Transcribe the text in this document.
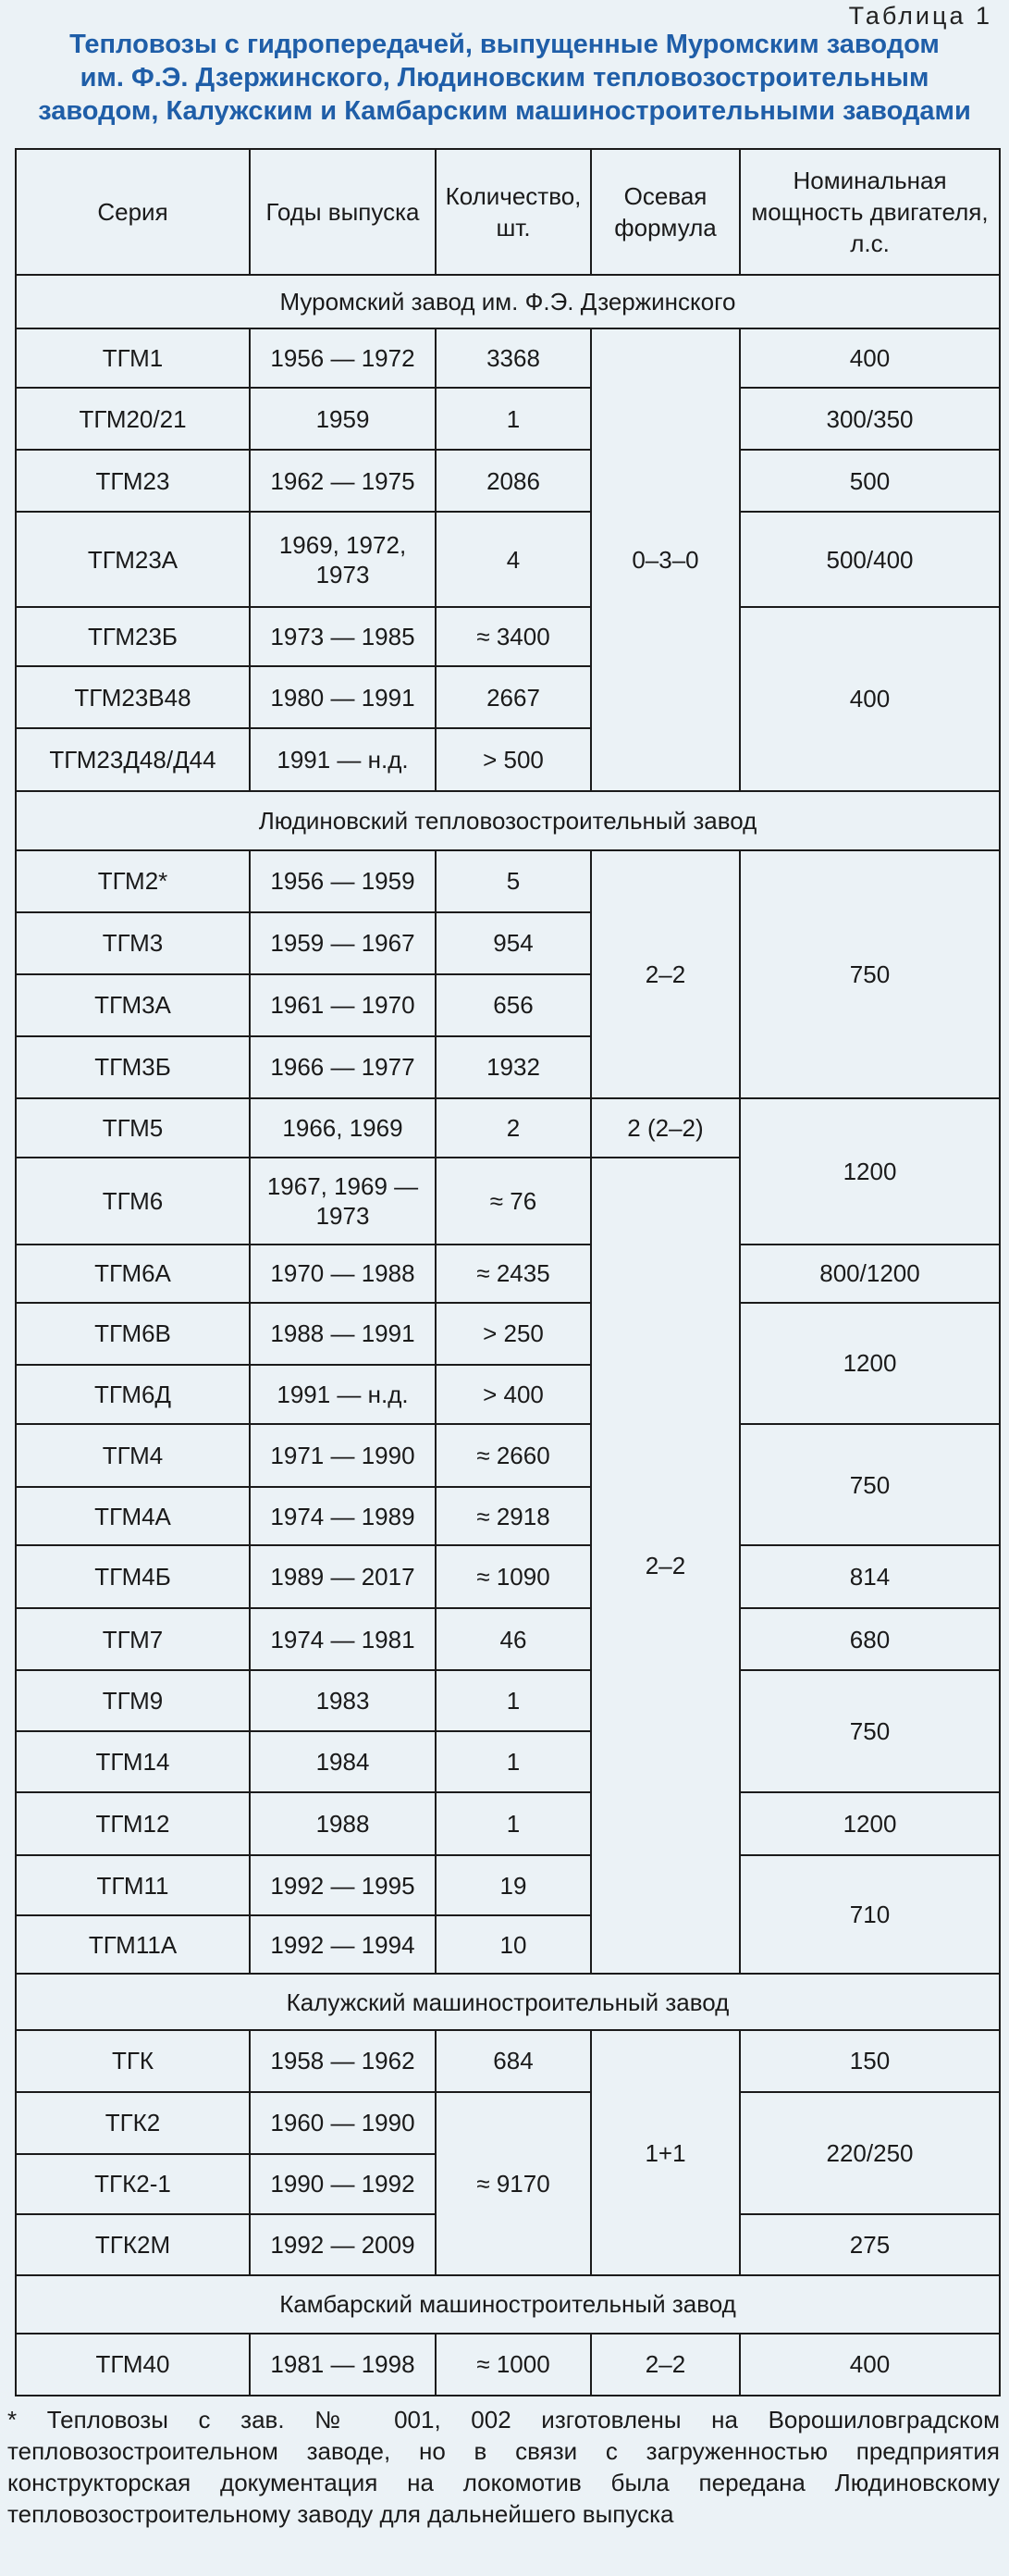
Таблица 1
Тепловозы с гидропередачей, выпущенные Муромским заводом
им. Ф.Э. Дзержинского, Людиновским тепловозостроительным
заводом, Калужским и Камбарским машиностроительными заводами
Серия	Годы выпуска	Количество, шт.	Осевая формула	Номинальная мощность двигателя, л.с.
Муромский завод им. Ф.Э. Дзержинского				
ТГМ1	1956 — 1972	3368	0–3–0	400
ТГМ20/21	1959	1		300/350
ТГМ23	1962 — 1975	2086		500
ТГМ23А	1969, 1972, 1973	4		500/400
ТГМ23Б	1973 — 1985	≈ 3400		400
ТГМ23В48	1980 — 1991	2667		
ТГМ23Д48/Д44	1991 — н.д.	> 500		
Людиновский тепловозостроительный завод				
ТГМ2*	1956 — 1959	5	2–2	750
ТГМ3	1959 — 1967	954		
ТГМ3А	1961 — 1970	656		
ТГМ3Б	1966 — 1977	1932		
ТГМ5	1966, 1969	2	2 (2–2)	1200
ТГМ6	1967, 1969 — 1973	≈ 76	2–2	
ТГМ6А	1970 — 1988	≈ 2435		800/1200
ТГМ6В	1988 — 1991	> 250		1200
ТГМ6Д	1991 — н.д.	> 400		
ТГМ4	1971 — 1990	≈ 2660		750
ТГМ4А	1974 — 1989	≈ 2918		
ТГМ4Б	1989 — 2017	≈ 1090		814
ТГМ7	1974 — 1981	46		680
ТГМ9	1983	1		750
ТГМ14	1984	1		
ТГМ12	1988	1		1200
ТГМ11	1992 — 1995	19		710
ТГМ11А	1992 — 1994	10		
Калужский машиностроительный завод				
ТГК	1958 — 1962	684	1+1	150
ТГК2	1960 — 1990	≈ 9170		220/250
ТГК2-1	1990 — 1992			
ТГК2М	1992 — 2009			275
Камбарский машиностроительный завод				
ТГМ40	1981 — 1998	≈ 1000	2–2	400
* Тепловозы с зав. № 001, 002 изготовлены на Ворошиловградском тепловозостроительном заводе, но в связи с загруженностью предприятия конструкторская документация на локомотив была передана Людиновскому тепловозостроительному заводу для дальнейшего выпуска
